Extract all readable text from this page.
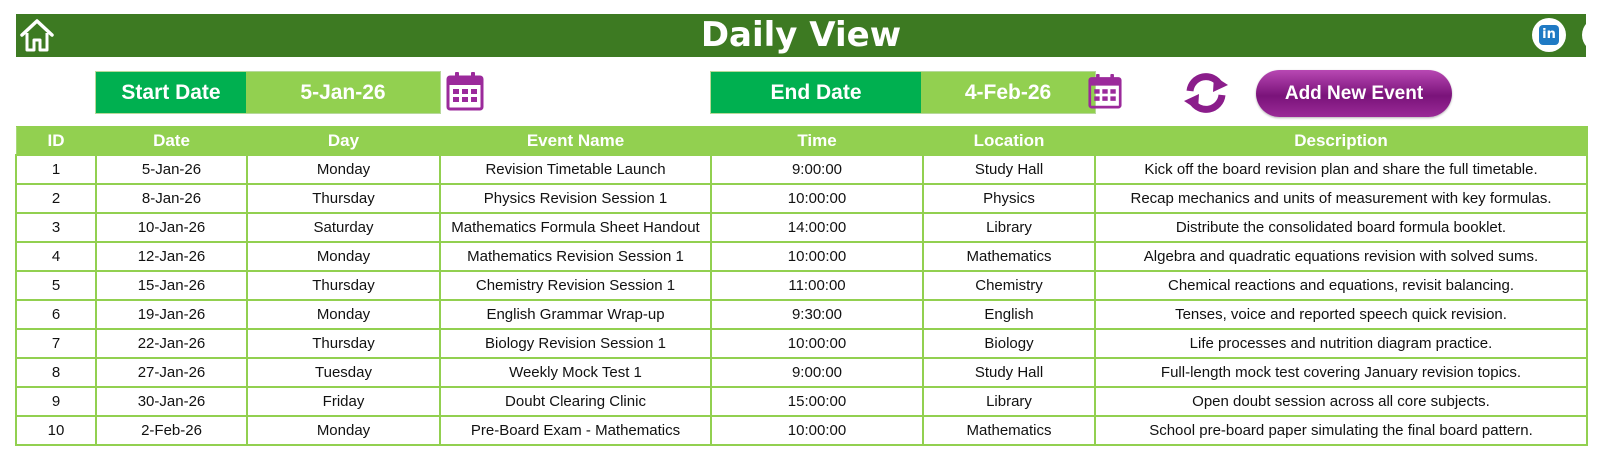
Daily View	in
Start Date	5-Jan-26	End Date	4-Feb-26	Add New Event
ID	Date	Day	Event Name	Time	Location	Description
1	5-Jan-26	Monday	Revision Timetable Launch	9:00:00	Study Hall	Kick off the board revision plan and share the full timetable.
2	8-Jan-26	Thursday	Physics Revision Session 1	10:00:00	Physics	Recap mechanics and units of measurement with key formulas.
3	10-Jan-26	Saturday	Mathematics Formula Sheet Handout	14:00:00	Library	Distribute the consolidated board formula booklet.
4	12-Jan-26	Monday	Mathematics Revision Session 1	10:00:00	Mathematics	Algebra and quadratic equations revision with solved sums.
5	15-Jan-26	Thursday	Chemistry Revision Session 1	11:00:00	Chemistry	Chemical reactions and equations, revisit balancing.
6	19-Jan-26	Monday	English Grammar Wrap-up	9:30:00	English	Tenses, voice and reported speech quick revision.
7	22-Jan-26	Thursday	Biology Revision Session 1	10:00:00	Biology	Life processes and nutrition diagram practice.
8	27-Jan-26	Tuesday	Weekly Mock Test 1	9:00:00	Study Hall	Full-length mock test covering January revision topics.
9	30-Jan-26	Friday	Doubt Clearing Clinic	15:00:00	Library	Open doubt session across all core subjects.
10	2-Feb-26	Monday	Pre-Board Exam - Mathematics	10:00:00	Mathematics	School pre-board paper simulating the final board pattern.
